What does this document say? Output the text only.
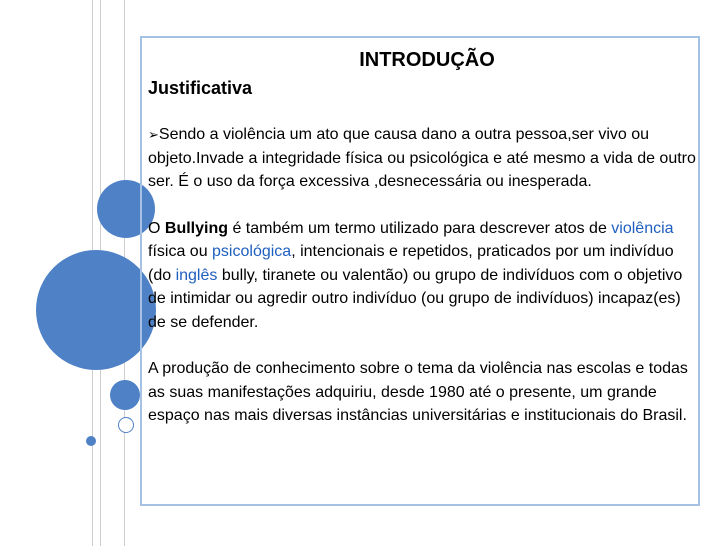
INTRODUÇÃO
Justificativa

➢Sendo a violência um ato que causa dano a outra pessoa,ser vivo ou objeto.Invade a integridade física ou psicológica e até mesmo a vida de outro ser. É o uso da força excessiva ,desnecessária ou inesperada.

O Bullying é também um termo utilizado para descrever atos de violência física ou psicológica, intencionais e repetidos, praticados por um indivíduo (do inglês bully, tiranete ou valentão) ou grupo de indivíduos com o objetivo de intimidar ou agredir outro indivíduo (ou grupo de indivíduos) incapaz(es) de se defender.

A produção de conhecimento sobre o tema da violência nas escolas e todas as suas manifestações adquiriu, desde 1980 até o presente, um grande espaço nas mais diversas instâncias universitárias e institucionais do Brasil.
